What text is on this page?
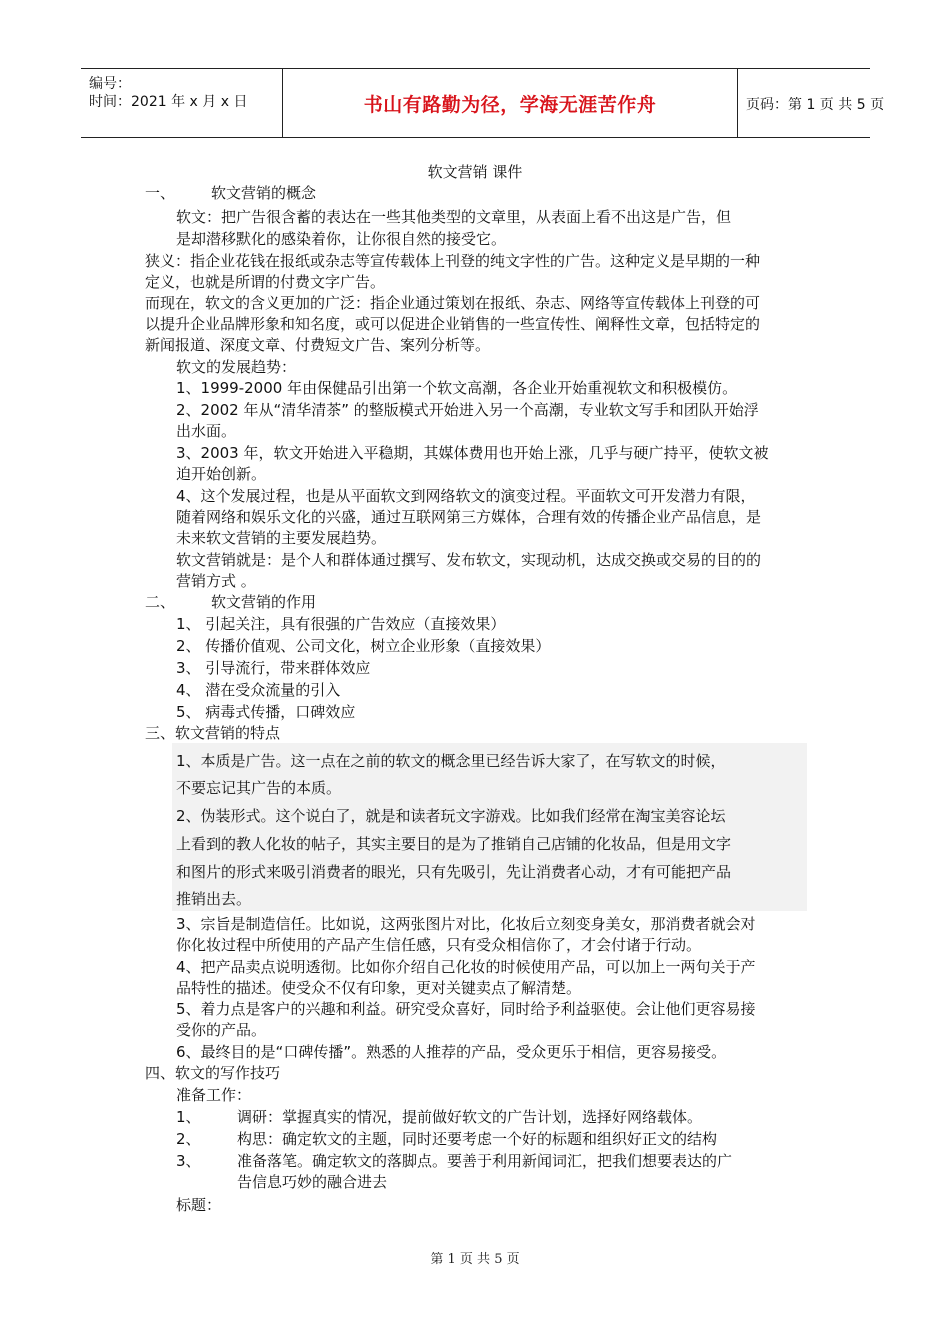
编号：
时间：2021 年 x 月 x 日	书山有路勤为径，学海无涯苦作舟	页码：第 1 页 共 5 页
软文营销 课件
一、 软文营销的概念
软文：把广告很含蓄的表达在一些其他类型的文章里，从表面上看不出这是广告，但
是却潜移默化的感染着你，让你很自然的接受它。
狭义：指企业花钱在报纸或杂志等宣传载体上刊登的纯文字性的广告。这种定义是早期的一种
定义，也就是所谓的付费文字广告。
而现在，软文的含义更加的广泛：指企业通过策划在报纸、杂志、网络等宣传载体上刊登的可
以提升企业品牌形象和知名度，或可以促进企业销售的一些宣传性、阐释性文章，包括特定的
新闻报道、深度文章、付费短文广告、案列分析等。
软文的发展趋势：
1、1999-2000 年由保健品引出第一个软文高潮，各企业开始重视软文和积极模仿。
2、2002 年从“清华清茶” 的整版模式开始进入另一个高潮，专业软文写手和团队开始浮
出水面。
3、2003 年，软文开始进入平稳期，其媒体费用也开始上涨，几乎与硬广持平，使软文被
迫开始创新。
4、这个发展过程，也是从平面软文到网络软文的演变过程。平面软文可开发潜力有限，
随着网络和娱乐文化的兴盛，通过互联网第三方媒体，合理有效的传播企业产品信息，是
未来软文营销的主要发展趋势。
软文营销就是：是个人和群体通过撰写、发布软文，实现动机，达成交换或交易的目的的
营销方式 。
二、 软文营销的作用
1、 引起关注，具有很强的广告效应（直接效果）
2、 传播价值观、公司文化，树立企业形象（直接效果）
3、 引导流行，带来群体效应
4、 潜在受众流量的引入
5、 病毒式传播，口碑效应
三、软文营销的特点
1、本质是广告。这一点在之前的软文的概念里已经告诉大家了，在写软文的时候，
不要忘记其广告的本质。
2、伪装形式。这个说白了，就是和读者玩文字游戏。比如我们经常在淘宝美容论坛
上看到的教人化妆的帖子，其实主要目的是为了推销自己店铺的化妆品，但是用文字
和图片的形式来吸引消费者的眼光，只有先吸引，先让消费者心动，才有可能把产品
推销出去。
3、宗旨是制造信任。比如说，这两张图片对比，化妆后立刻变身美女，那消费者就会对
你化妆过程中所使用的产品产生信任感，只有受众相信你了，才会付诸于行动。
4、把产品卖点说明透彻。比如你介绍自己化妆的时候使用产品，可以加上一两句关于产
品特性的描述。使受众不仅有印象，更对关键卖点了解清楚。
5、着力点是客户的兴趣和利益。研究受众喜好，同时给予利益驱使。会让他们更容易接
受你的产品。
6、最终目的是“口碑传播”。熟悉的人推荐的产品，受众更乐于相信，更容易接受。
四、软文的写作技巧
准备工作：
1、 调研：掌握真实的情况，提前做好软文的广告计划，选择好网络载体。
2、 构思：确定软文的主题，同时还要考虑一个好的标题和组织好正文的结构
3、 准备落笔。确定软文的落脚点。要善于利用新闻词汇，把我们想要表达的广
告信息巧妙的融合进去
标题：
第 1 页 共 5 页
